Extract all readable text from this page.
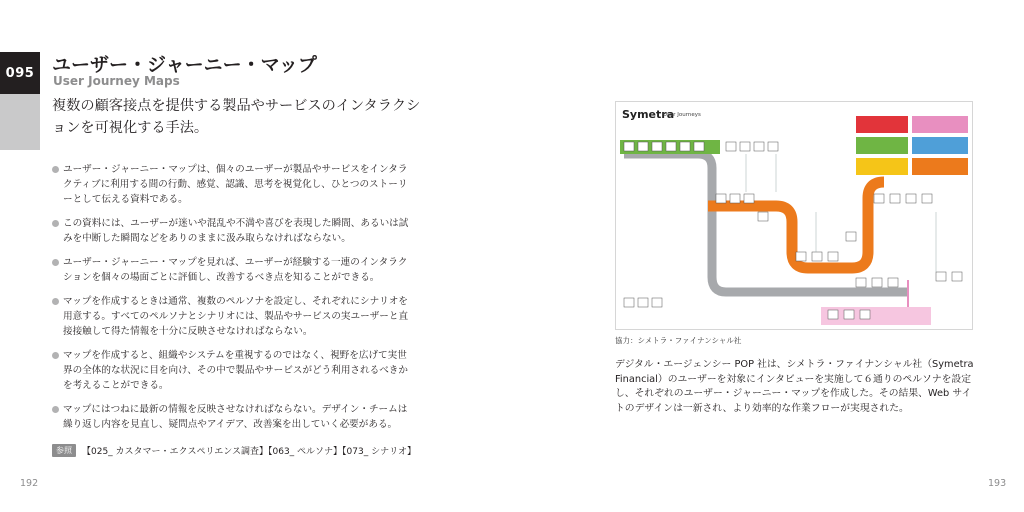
095 ユーザー・ジャーニー・マップ
User Journey Maps
複数の顧客接点を提供する製品やサービスのインタラクションを可視化する手法。
ユーザー・ジャーニー・マップは、個々のユーザーが製品やサービスをインタラクティブに利用する間の行動、感覚、認識、思考を視覚化し、ひとつのストーリーとして伝える資料である。
この資料には、ユーザーが迷いや混乱や不満や喜びを表現した瞬間、あるいは試みを中断した瞬間などをありのままに汲み取らなければならない。
ユーザー・ジャーニー・マップを見れば、ユーザーが経験する一連のインタラクションを個々の場面ごとに評価し、改善するべき点を知ることができる。
マップを作成するときは通常、複数のペルソナを設定し、それぞれにシナリオを用意する。すべてのペルソナとシナリオには、製品やサービスの実ユーザーと直接接触して得た情報を十分に反映させなければならない。
マップを作成すると、組織やシステムを重視するのではなく、視野を広げて実世界の全体的な状況に目を向け、その中で製品やサービスがどう利用されるべきかを考えることができる。
マップにはつねに最新の情報を反映させなければならない。デザイン・チームは繰り返し内容を見直し、疑問点やアイデア、改善案を出していく必要がある。
参照	【025_ カスタマー・エクスペリエンス調査】【063_ ペルソナ】【073_ シナリオ】
192
Symetra
User Journeys
協力：シメトラ・ファイナンシャル社
デジタル・エージェンシー POP 社は、シメトラ・ファイナンシャル社（Symetra Financial）のユーザーを対象にインタビューを実施して６通りのペルソナを設定し、それぞれのユーザー・ジャーニー・マップを作成した。その結果、Web サイトのデザインは一新され、より効率的な作業フローが実現された。
193
